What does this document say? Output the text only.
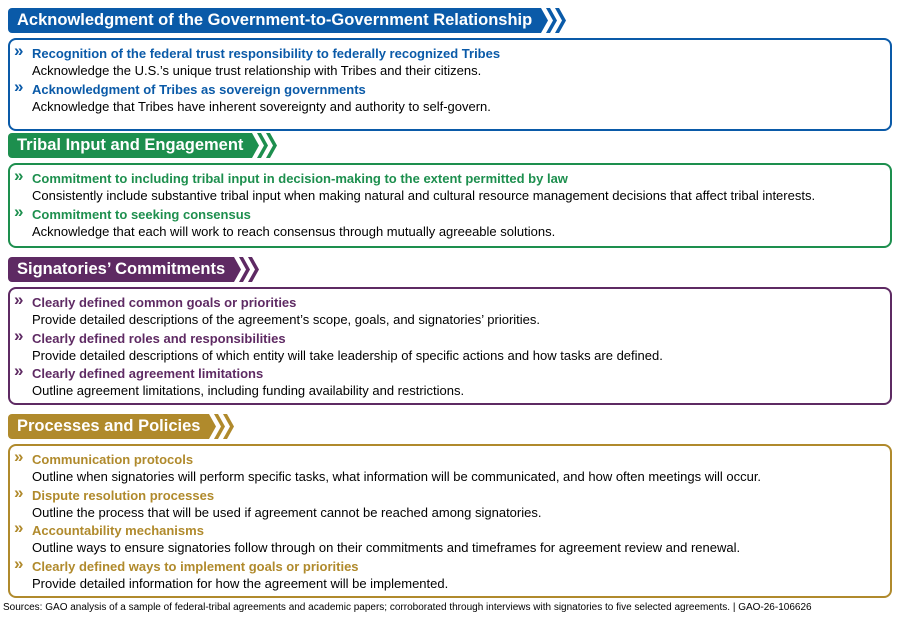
Acknowledgment of the Government-to-Government Relationship
» Recognition of the federal trust responsibility to federally recognized Tribes
Acknowledge the U.S.’s unique trust relationship with Tribes and their citizens.
» Acknowledgment of Tribes as sovereign governments
Acknowledge that Tribes have inherent sovereignty and authority to self-govern.
Tribal Input and Engagement
» Commitment to including tribal input in decision-making to the extent permitted by law
Consistently include substantive tribal input when making natural and cultural resource management decisions that affect tribal interests.
» Commitment to seeking consensus
Acknowledge that each will work to reach consensus through mutually agreeable solutions.
Signatories’ Commitments
» Clearly defined common goals or priorities
Provide detailed descriptions of the agreement’s scope, goals, and signatories’ priorities.
» Clearly defined roles and responsibilities
Provide detailed descriptions of which entity will take leadership of specific actions and how tasks are defined.
» Clearly defined agreement limitations
Outline agreement limitations, including funding availability and restrictions.
Processes and Policies
» Communication protocols
Outline when signatories will perform specific tasks, what information will be communicated, and how often meetings will occur.
» Dispute resolution processes
Outline the process that will be used if agreement cannot be reached among signatories.
» Accountability mechanisms
Outline ways to ensure signatories follow through on their commitments and timeframes for agreement review and renewal.
» Clearly defined ways to implement goals or priorities
Provide detailed information for how the agreement will be implemented.
Sources: GAO analysis of a sample of federal-tribal agreements and academic papers; corroborated through interviews with signatories to five selected agreements. | GAO-26-106626
